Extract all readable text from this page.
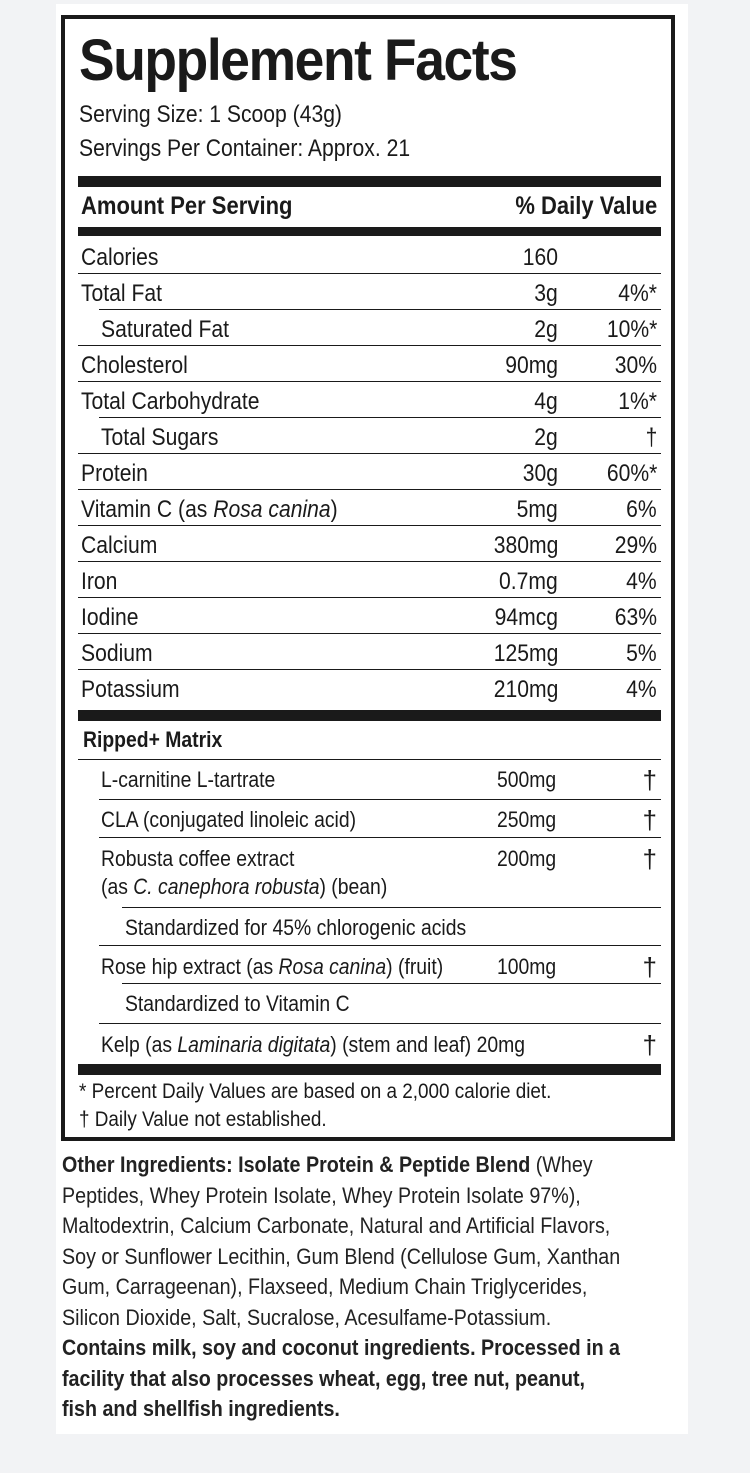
Supplement Facts
Serving Size: 1 Scoop (43g)
Servings Per Container: Approx. 21
Amount Per Serving	% Daily Value
Calories	160
Total Fat	3g	4%*
Saturated Fat	2g 10%*
Cholesterol	90mg 30%
Total Carbohydrate	4g	1%*
Total Sugars	2g	†
Protein	30g 60%*
Vitamin C (as Rosa canina)	5mg	6%
Calcium	380mg 29%
Iron	0.7mg	4%
Iodine	94mcg 63%
Sodium	125mg	5%
Potassium	210mg	4%
Ripped+ Matrix
L-carnitine L-tartrate	500mg	†
CLA (conjugated linoleic acid)	250mg	†
Robusta coffee extract
(as C. canephora robusta) (bean)
200mg	†
Standardized for 45% chlorogenic acids
Rose hip extract (as Rosa canina) (fruit) 100mg	†
Standardized to Vitamin C
Kelp (as Laminaria digitata) (stem and leaf) 20mg	†
* Percent Daily Values are based on a 2,000 calorie diet.
† Daily Value not established.
Other Ingredients: Isolate Protein & Peptide Blend (Whey
Peptides, Whey Protein Isolate, Whey Protein Isolate 97%),
Maltodextrin, Calcium Carbonate, Natural and Artificial Flavors,
Soy or Sunflower Lecithin, Gum Blend (Cellulose Gum, Xanthan
Gum, Carrageenan), Flaxseed, Medium Chain Triglycerides,
Silicon Dioxide, Salt, Sucralose, Acesulfame-Potassium.
Contains milk, soy and coconut ingredients. Processed in a
facility that also processes wheat, egg, tree nut, peanut,
fish and shellfish ingredients.
